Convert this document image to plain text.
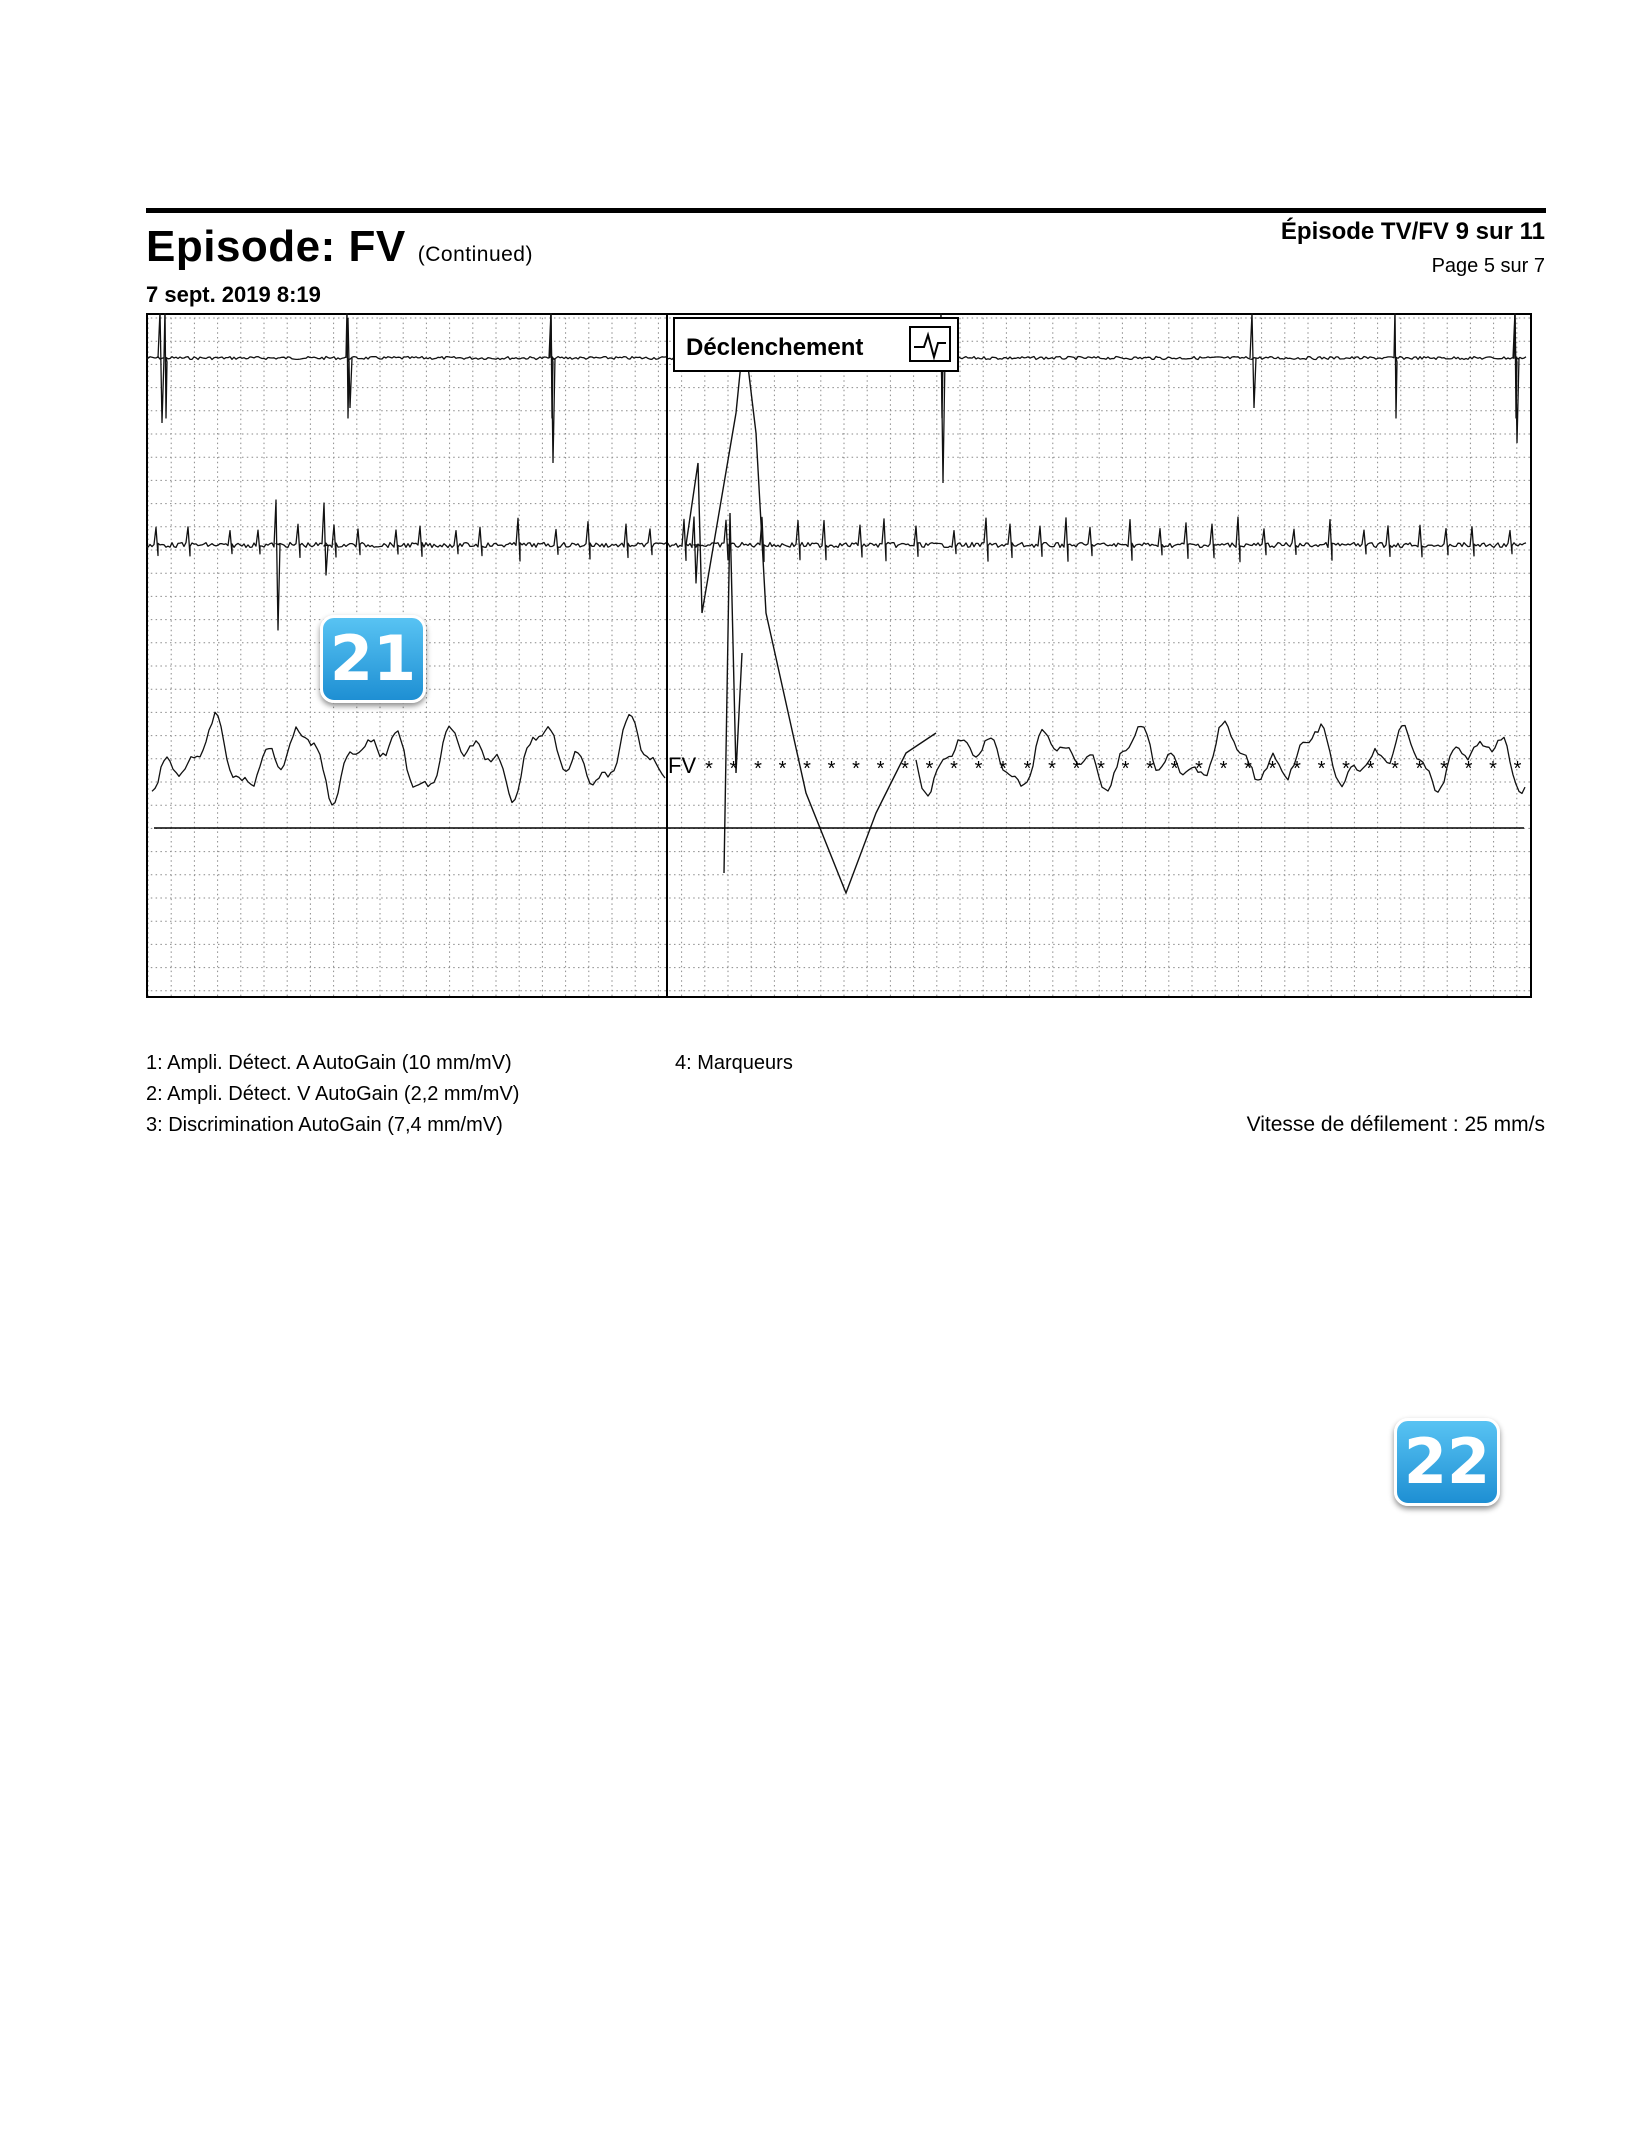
Episode: FV (Continued)
7 sept. 2019 8:19
Épisode TV/FV 9 sur 11
Page 5 sur 7
Déclenchement
FV * * * * * * * * * * * * * * * * * * * * * * * * * * * * * * * * * *
1: Ampli. Détect. A AutoGain (10 mm/mV)
2: Ampli. Détect. V AutoGain (2,2 mm/mV)
3: Discrimination AutoGain (7,4 mm/mV)
4: Marqueurs
Vitesse de défilement : 25 mm/s
21
22
